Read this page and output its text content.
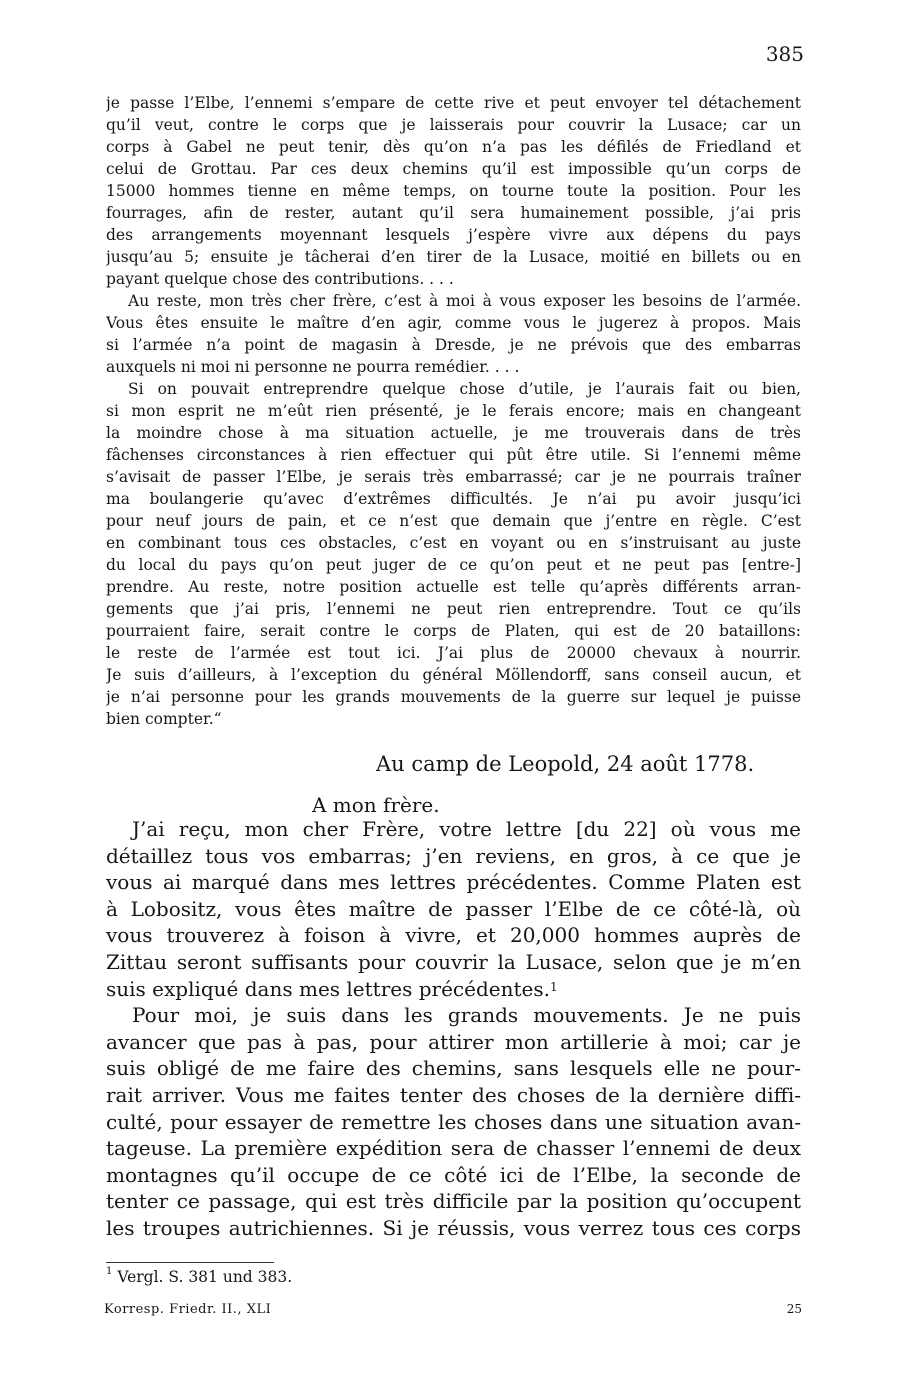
385
je passe l’Elbe, l’ennemi s’empare de cette rive et peut envoyer tel détachement
qu’il veut, contre le corps que je laisserais pour couvrir la Lusace; car un
corps à Gabel ne peut tenir, dès qu’on n’a pas les défilés de Friedland et
celui de Grottau. Par ces deux chemins qu’il est impossible qu’un corps de
15000 hommes tienne en même temps, on tourne toute la position. Pour les
fourrages, afin de rester, autant qu’il sera humainement possible, j’ai pris
des arrangements moyennant lesquels j’espère vivre aux dépens du pays
jusqu’au 5; ensuite je tâcherai d’en tirer de la Lusace, moitié en billets ou en
payant quelque chose des contributions. . . .
Au reste, mon très cher frère, c’est à moi à vous exposer les besoins de l’armée.
Vous êtes ensuite le maître d’en agir, comme vous le jugerez à propos. Mais
si l’armée n’a point de magasin à Dresde, je ne prévois que des embarras
auxquels ni moi ni personne ne pourra remédier. . . .
Si on pouvait entreprendre quelque chose d’utile, je l’aurais fait ou bien,
si mon esprit ne m’eût rien présenté, je le ferais encore; mais en changeant
la moindre chose à ma situation actuelle, je me trouverais dans de très
fâchenses circonstances à rien effectuer qui pût être utile. Si l’ennemi même
s’avisait de passer l’Elbe, je serais très embarrassé; car je ne pourrais traîner
ma boulangerie qu’avec d’extrêmes difficultés. Je n’ai pu avoir jusqu’ici
pour neuf jours de pain, et ce n’est que demain que j’entre en règle. C’est
en combinant tous ces obstacles, c’est en voyant ou en s’instruisant au juste
du local du pays qu’on peut juger de ce qu’on peut et ne peut pas [entre-]
prendre. Au reste, notre position actuelle est telle qu’après différents arran-
gements que j’ai pris, l’ennemi ne peut rien entreprendre. Tout ce qu’ils
pourraient faire, serait contre le corps de Platen, qui est de 20 bataillons:
le reste de l’armée est tout ici. J’ai plus de 20000 chevaux à nourrir.
Je suis d’ailleurs, à l’exception du général Möllendorff, sans conseil aucun, et
je n’ai personne pour les grands mouvements de la guerre sur lequel je puisse
bien compter.“
Au camp de Leopold, 24 août 1778.
A mon frère.
J’ai reçu, mon cher Frère, votre lettre [du 22] où vous me
détaillez tous vos embarras; j’en reviens, en gros, à ce que je
vous ai marqué dans mes lettres précédentes. Comme Platen est
à Lobositz, vous êtes maître de passer l’Elbe de ce côté-là, où
vous trouverez à foison à vivre, et 20,000 hommes auprès de
Zittau seront suffisants pour couvrir la Lusace, selon que je m’en
suis expliqué dans mes lettres précédentes.$^1$
Pour moi, je suis dans les grands mouvements. Je ne puis
avancer que pas à pas, pour attirer mon artillerie à moi; car je
suis obligé de me faire des chemins, sans lesquels elle ne pour-
rait arriver. Vous me faites tenter des choses de la dernière diffi-
culté, pour essayer de remettre les choses dans une situation avan-
tageuse. La première expédition sera de chasser l’ennemi de deux
montagnes qu’il occupe de ce côté ici de l’Elbe, la seconde de
tenter ce passage, qui est très difficile par la position qu’occupent
les troupes autrichiennes. Si je réussis, vous verrez tous ces corps
$^1$ Vergl. S. 381 und 383.
Korresp. Friedr. II., XLI	25
